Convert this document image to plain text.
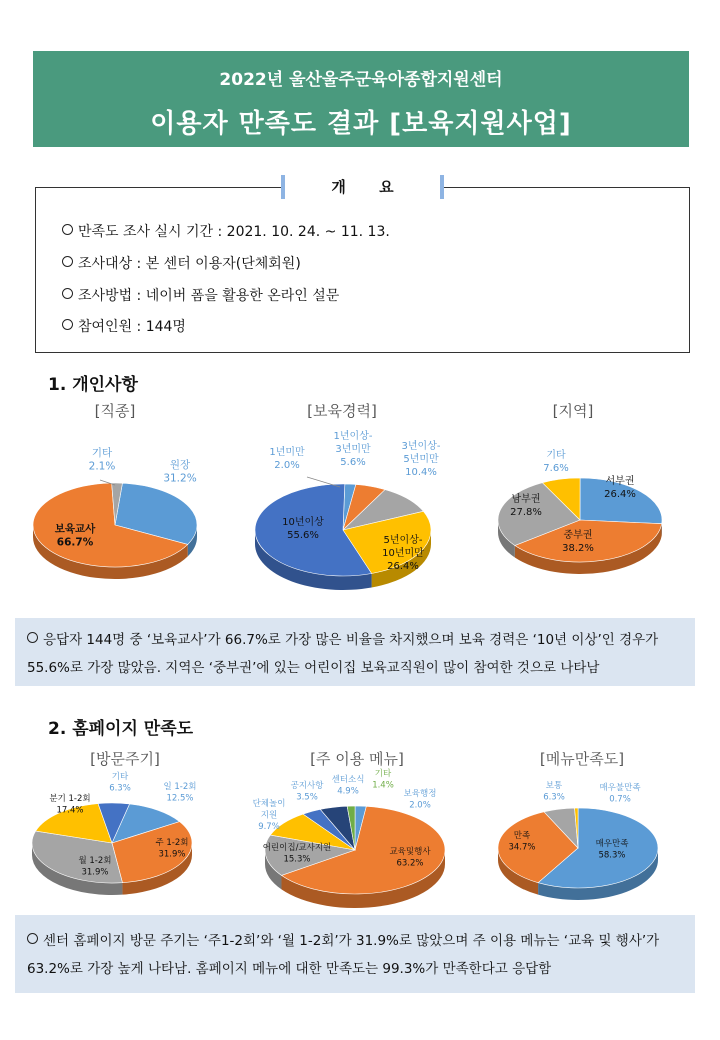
2022년 울산울주군육아종합지원센터
이용자 만족도 결과 [보육지원사업]
개 요
만족도 조사 실시 기간 : 2021. 10. 24. ~ 11. 13.
조사대상 : 본 센터 이용자(단체회원)
조사방법 : 네이버 폼을 활용한 온라인 설문
참여인원 : 144명
1. 개인사항
[직종]	[보육경력]	[지역]
원장
31.2%
보육교사
66.7%
기타
2.1%
1년미만
2.0%
1년이상-
3년미만
5.6%
3년이상-
5년미만
10.4%
5년이상-
10년미만
26.4%
10년이상
55.6%
서부권
26.4%
중부권
38.2%
남부권
27.8%
기타
7.6%
응답자 144명 중 ‘보육교사’가 66.7%로 가장 많은 비율을 차지했으며 보육 경력은 ‘10년 이상’인 경우가 55.6%로 가장 많았음. 지역은 ‘중부권’에 있는 어린이집 보육교직원이 많이 참여한 것으로 나타남
2. 홈페이지 만족도
[방문주기]	[주 이용 메뉴]	[메뉴만족도]
일 1-2회
12.5%
주 1-2회
31.9%
월 1-2회
31.9%
분기 1-2회
17.4%
기타
6.3%
보육행정
2.0%
교육및행사
63.2%
어린이집/교사지원
15.3%
단체놀이
지원
9.7%
공지사항
3.5%
센터소식
4.9%
기타
1.4%
매우만족
58.3%
만족
34.7%
보통
6.3%
매우불만족
0.7%
센터 홈페이지 방문 주기는 ‘주1-2회’와 ‘월 1-2회’가 31.9%로 많았으며 주 이용 메뉴는 ‘교육 및 행사’가 63.2%로 가장 높게 나타남. 홈페이지 메뉴에 대한 만족도는 99.3%가 만족한다고 응답함
